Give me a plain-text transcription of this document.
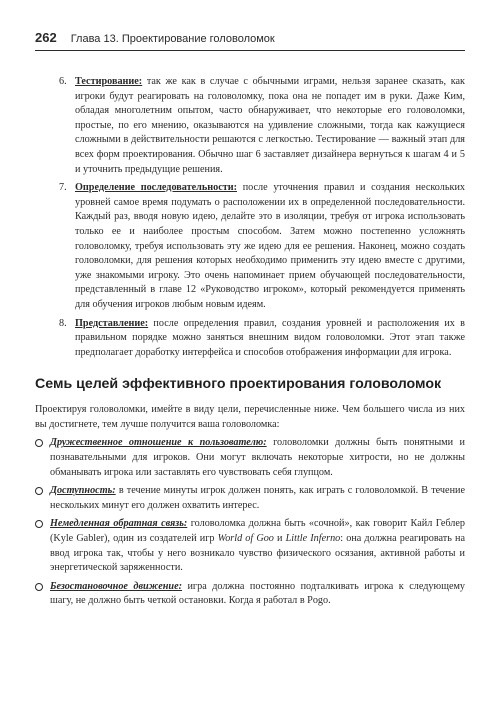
262 Глава 13. Проектирование головоломок
6. Тестирование: так же как в случае с обычными играми, нельзя заранее сказать, как игроки будут реагировать на головоломку, пока она не попадет им в руки. Даже Ким, обладая многолетним опытом, часто обнаруживает, что некоторые его головоломки, простые, по его мнению, оказываются на удивление сложными, тогда как кажущиеся сложными в действительности решаются с легкостью. Тестирование — важный этап для всех форм проектирования. Обычно шаг 6 заставляет дизайнера вернуться к шагам 4 и 5 и уточнить предыдущие решения.
7. Определение последовательности: после уточнения правил и создания нескольких уровней самое время подумать о расположении их в определенной последовательности. Каждый раз, вводя новую идею, делайте это в изоляции, требуя от игрока использовать только ее и наиболее простым способом. Затем можно постепенно усложнять головоломку, требуя использовать эту же идею для ее решения. Наконец, можно создать головоломки, для решения которых необходимо применить эту идею вместе с другими, уже знакомыми игроку. Это очень напоминает прием обучающей последовательности, представленный в главе 12 «Руководство игроком», который рекомендуется применять для обучения игроков любым новым идеям.
8. Представление: после определения правил, создания уровней и расположения их в правильном порядке можно заняться внешним видом головоломки. Этот этап также предполагает доработку интерфейса и способов отображения информации для игрока.
Семь целей эффективного проектирования головоломок

Проектируя головоломки, имейте в виду цели, перечисленные ниже. Чем большего числа из них вы достигнете, тем лучше получится ваша головоломка:

Дружественное отношение к пользователю: головоломки должны быть понятными и познавательными для игроков. Они могут включать некоторые хитрости, но не должны обманывать игрока или заставлять его чувствовать себя глупцом.
Доступность: в течение минуты игрок должен понять, как играть с головоломкой. В течение нескольких минут его должен охватить интерес.
Немедленная обратная связь: головоломка должна быть «сочной», как говорит Кайл Геблер (Kyle Gabler), один из создателей игр World of Goo и Little Inferno: она должна реагировать на ввод игрока так, чтобы у него возникало чувство физического осязания, активной работы и энергетической заряженности.
Безостановочное движение: игра должна постоянно подталкивать игрока к следующему шагу, не должно быть четкой остановки. Когда я работал в Pogo.
